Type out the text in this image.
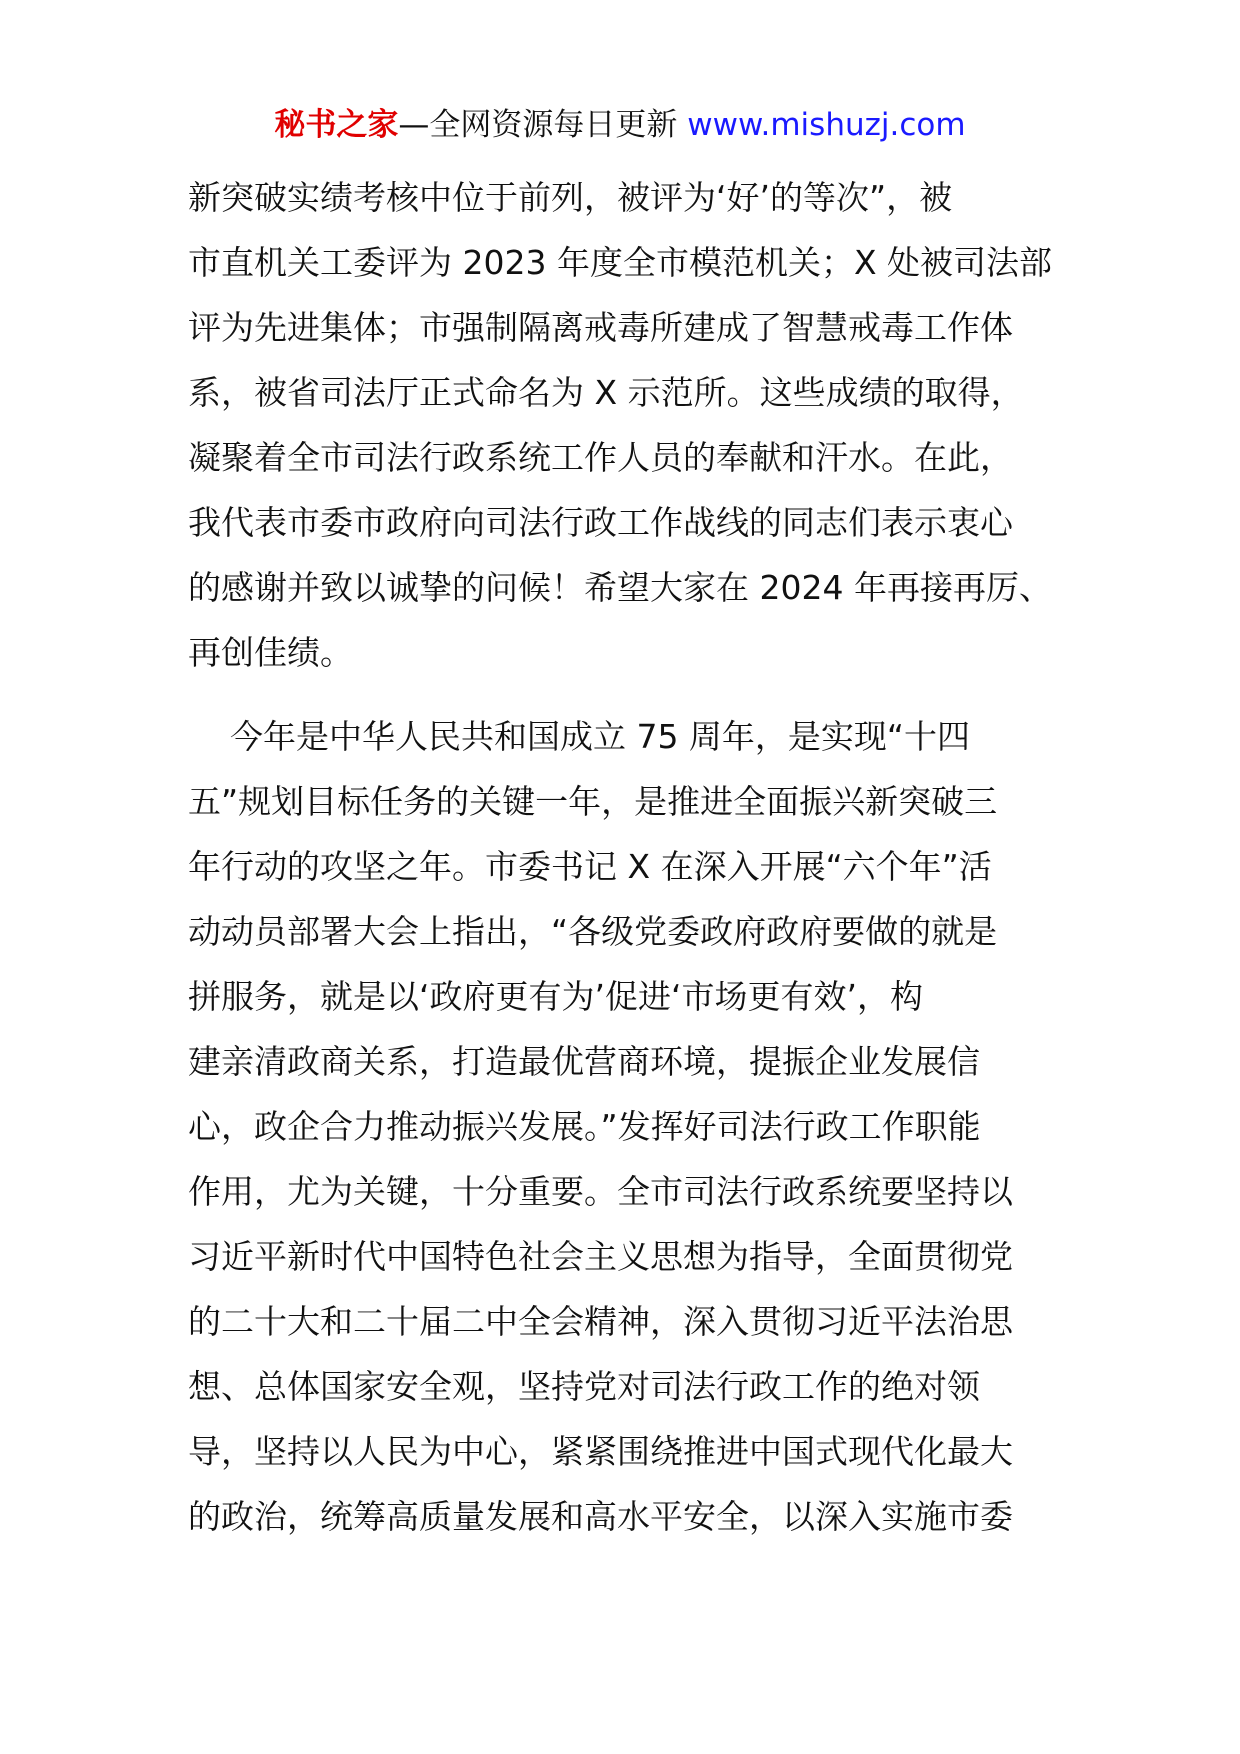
秘书之家—全网资源每日更新 www.mishuzj.com

新突破实绩考核中位于前列，被评为‘好’的等次”，被

市直机关工委评为 2023 年度全市模范机关；X 处被司法部

评为先进集体；市强制隔离戒毒所建成了智慧戒毒工作体

系，被省司法厅正式命名为 X 示范所。这些成绩的取得，

凝聚着全市司法行政系统工作人员的奉献和汗水。在此，

我代表市委市政府向司法行政工作战线的同志们表示衷心

的感谢并致以诚挚的问候！希望大家在 2024 年再接再厉、

再创佳绩。

今年是中华人民共和国成立 75 周年，是实现“十四

五”规划目标任务的关键一年，是推进全面振兴新突破三

年行动的攻坚之年。市委书记 X 在深入开展“六个年”活

动动员部署大会上指出，“各级党委政府政府要做的就是

拼服务，就是以‘政府更有为’促进‘市场更有效’，构

建亲清政商关系，打造最优营商环境，提振企业发展信

心，政企合力推动振兴发展。”发挥好司法行政工作职能

作用，尤为关键，十分重要。全市司法行政系统要坚持以

习近平新时代中国特色社会主义思想为指导，全面贯彻党

的二十大和二十届二中全会精神，深入贯彻习近平法治思

想、总体国家安全观，坚持党对司法行政工作的绝对领

导，坚持以人民为中心，紧紧围绕推进中国式现代化最大

的政治，统筹高质量发展和高水平安全，以深入实施市委
